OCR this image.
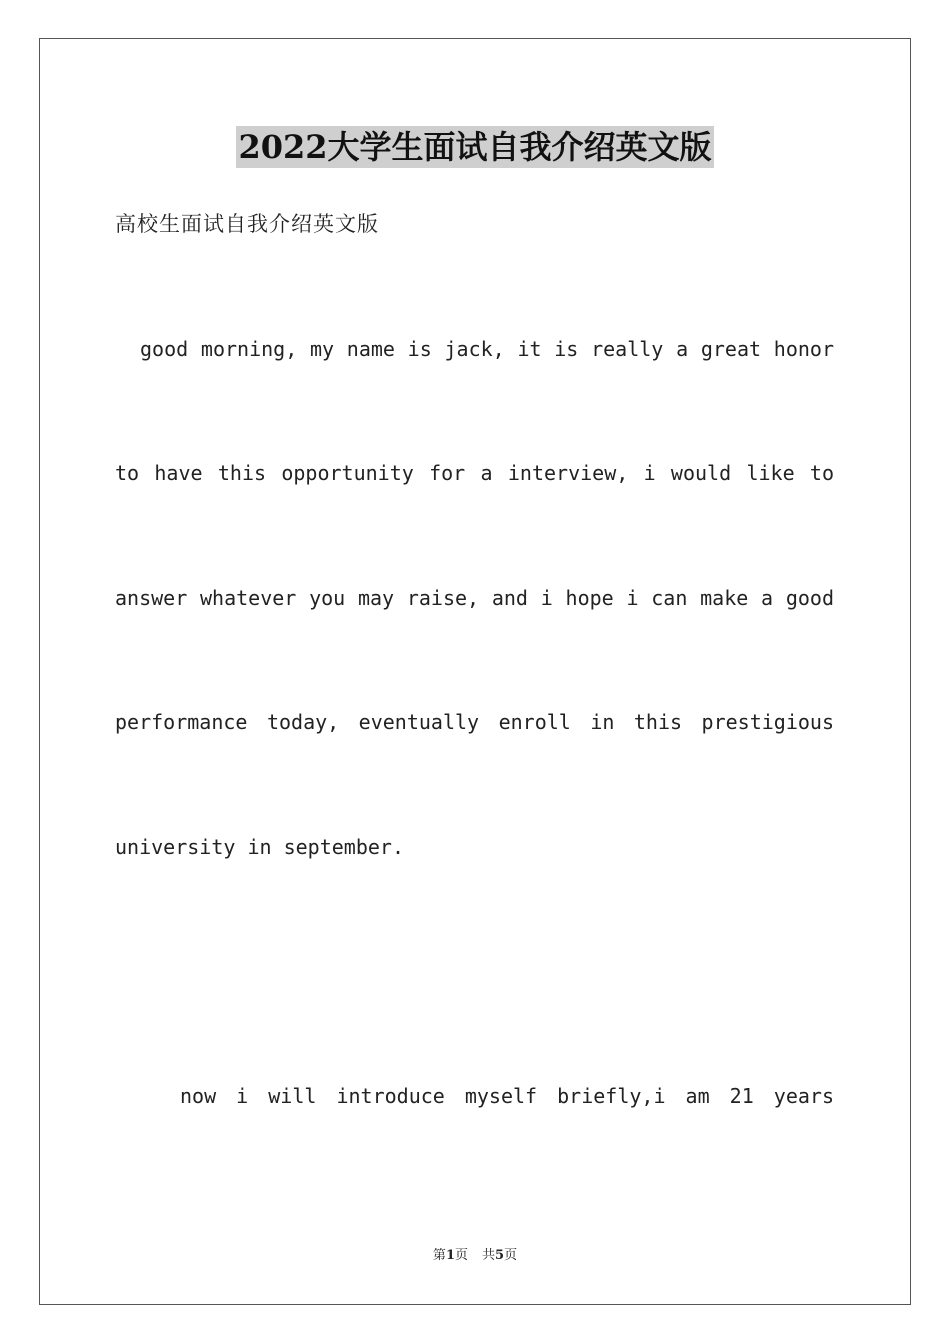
2022大学生面试自我介绍英文版
高校生面试自我介绍英文版
good morning, my name is jack, it is really a great honor
to have this opportunity for a interview, i would like to
answer whatever you may raise, and i hope i can make a good
performance today, eventually enroll in this prestigious
university in september.
now i will introduce myself briefly,i am 21 years
第1页 共5页
